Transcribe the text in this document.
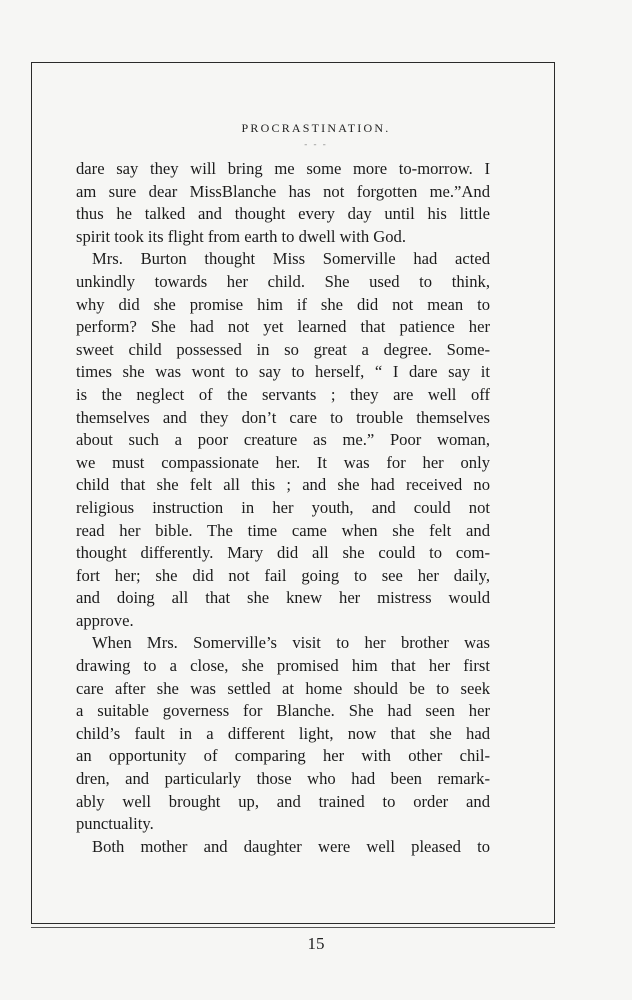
PROCRASTINATION.
- - -
dare say they will bring me some more to-morrow. I
am sure dear MissBlanche has not forgotten me.”And
thus he talked and thought every day until his little
spirit took its flight from earth to dwell with God.
Mrs. Burton thought Miss Somerville had acted
unkindly towards her child. She used to think,
why did she promise him if she did not mean to
perform? She had not yet learned that patience her
sweet child possessed in so great a degree. Some-
times she was wont to say to herself, “ I dare say it
is the neglect of the servants ; they are well off
themselves and they don’t care to trouble themselves
about such a poor creature as me.” Poor woman,
we must compassionate her. It was for her only
child that she felt all this ; and she had received no
religious instruction in her youth, and could not
read her bible. The time came when she felt and
thought differently. Mary did all she could to com-
fort her; she did not fail going to see her daily,
and doing all that she knew her mistress would
approve.
When Mrs. Somerville’s visit to her brother was
drawing to a close, she promised him that her first
care after she was settled at home should be to seek
a suitable governess for Blanche. She had seen her
child’s fault in a different light, now that she had
an opportunity of comparing her with other chil-
dren, and particularly those who had been remark-
ably well brought up, and trained to order and
punctuality.
Both mother and daughter were well pleased to
15
